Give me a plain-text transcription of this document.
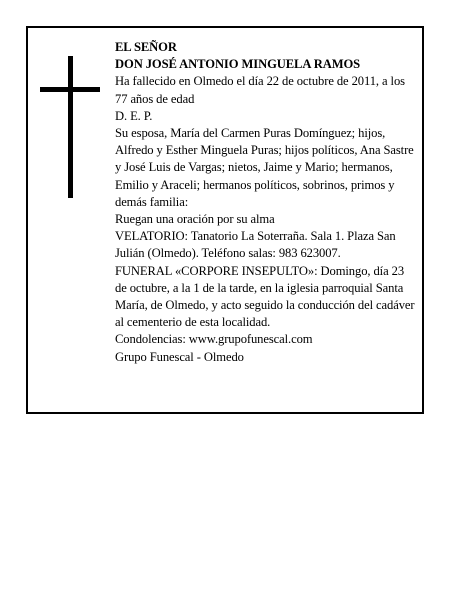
EL SEÑOR

DON JOSÉ ANTONIO MINGUELA RAMOS

Ha fallecido en Olmedo el día 22 de octubre de 2011, a los 77 años de edad

D. E. P.

Su esposa, María del Carmen Puras Domínguez; hijos, Alfredo y Esther Minguela Puras; hijos políticos, Ana Sastre y José Luis de Vargas; nietos, Jaime y Mario; hermanos, Emilio y Araceli; hermanos políticos, sobrinos, primos y demás familia:

Ruegan una oración por su alma

VELATORIO: Tanatorio La Soterraña. Sala 1. Plaza San Julián (Olmedo). Teléfono salas: 983 623007.

FUNERAL «CORPORE INSEPULTO»: Domingo, día 23 de octubre, a la 1 de la tarde, en la iglesia parroquial Santa María, de Olmedo, y acto seguido la conducción del cadáver al cementerio de esta localidad.

Condolencias: www.grupofunescal.com

Grupo Funescal - Olmedo
